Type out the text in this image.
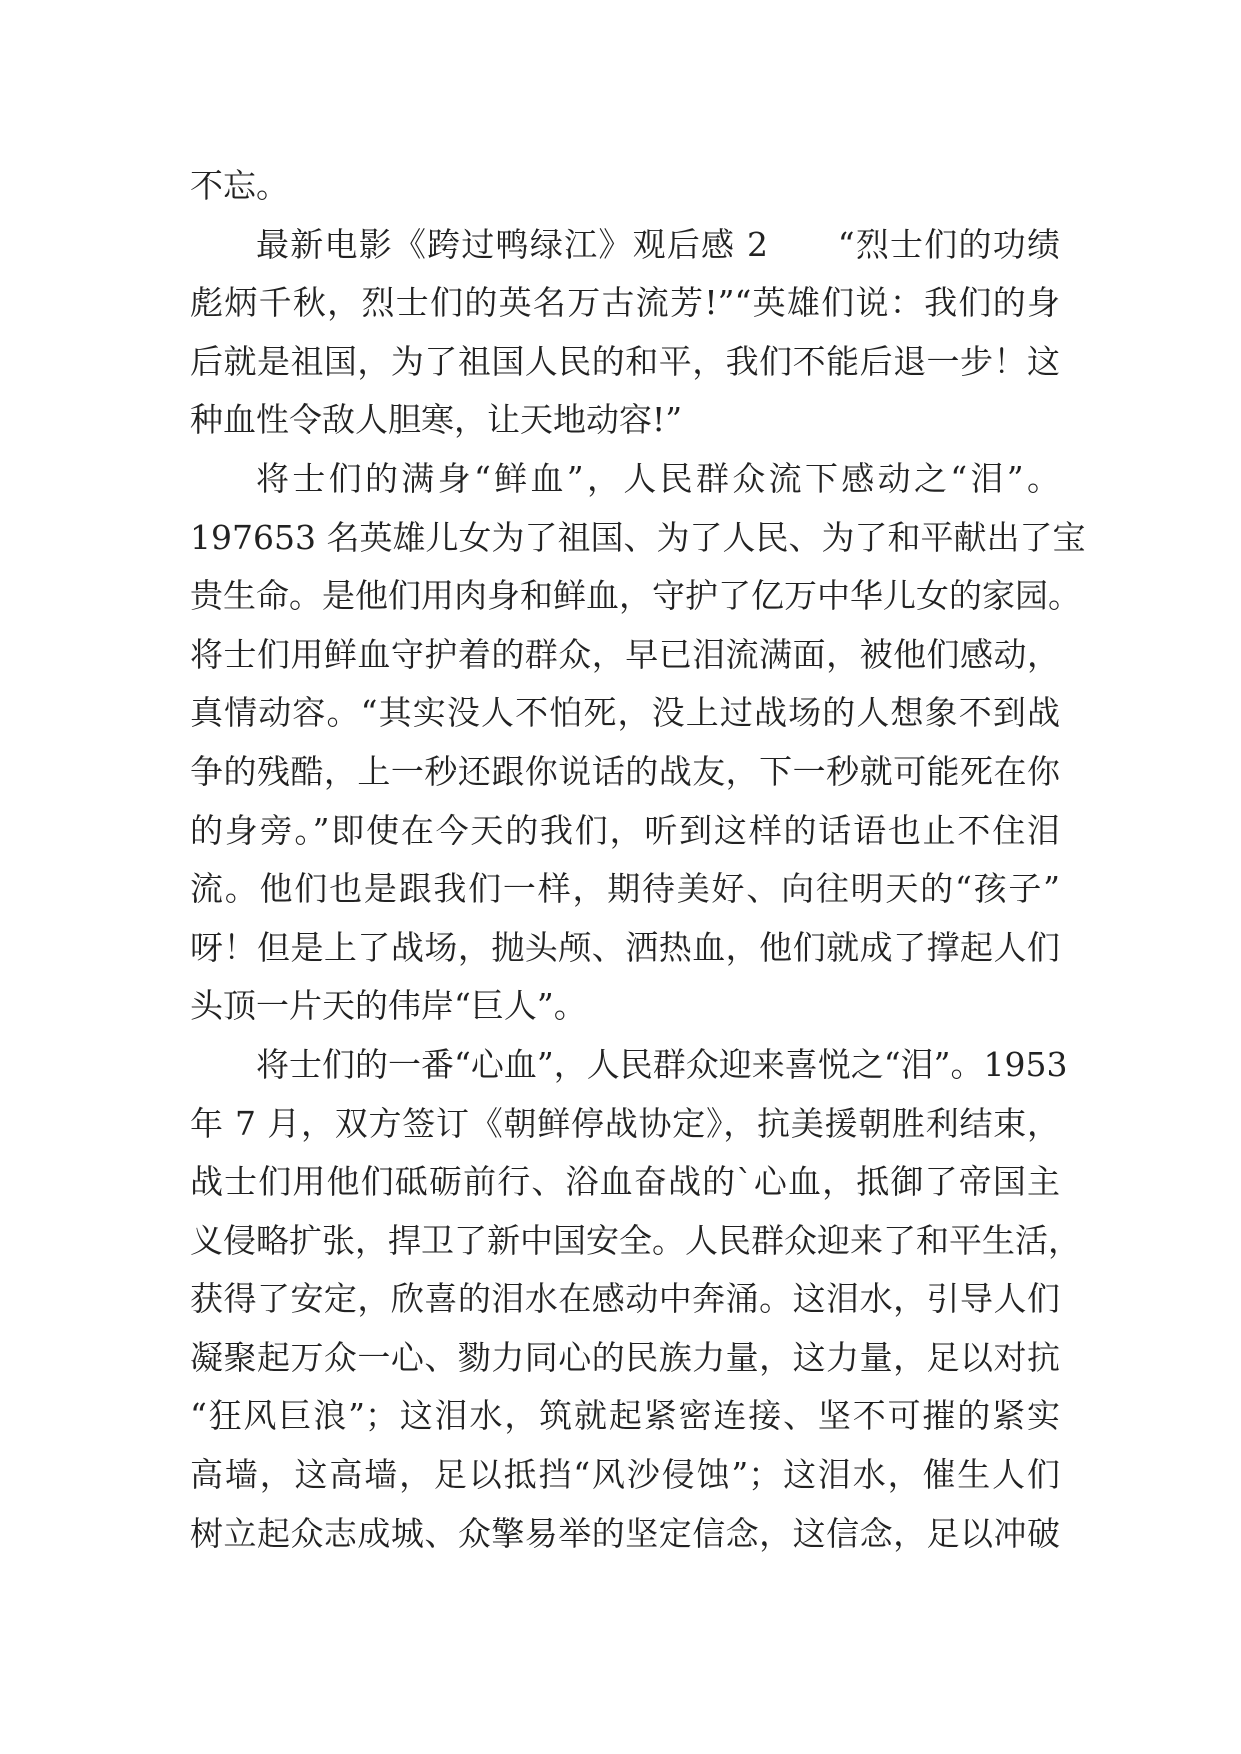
不忘。
最新电影《跨过鸭绿江》观后感 2　　“烈士们的功绩
彪炳千秋，烈士们的英名万古流芳!”“英雄们说：我们的身
后就是祖国，为了祖国人民的和平，我们不能后退一步！这
种血性令敌人胆寒，让天地动容!”
将士们的满身“鲜血”，人民群众流下感动之“泪”。
197653 名英雄儿女为了祖国、为了人民、为了和平献出了宝
贵生命。是他们用肉身和鲜血，守护了亿万中华儿女的家园。
将士们用鲜血守护着的群众，早已泪流满面，被他们感动，
真情动容。“其实没人不怕死，没上过战场的人想象不到战
争的残酷，上一秒还跟你说话的战友，下一秒就可能死在你
的身旁。”即使在今天的我们，听到这样的话语也止不住泪
流。他们也是跟我们一样，期待美好、向往明天的“孩子”
呀！但是上了战场，抛头颅、洒热血，他们就成了撑起人们
头顶一片天的伟岸“巨人”。
将士们的一番“心血”，人民群众迎来喜悦之“泪”。1953
年 7 月，双方签订《朝鲜停战协定》，抗美援朝胜利结束，
战士们用他们砥砺前行、浴血奋战的`心血，抵御了帝国主
义侵略扩张，捍卫了新中国安全。人民群众迎来了和平生活，
获得了安定，欣喜的泪水在感动中奔涌。这泪水，引导人们
凝聚起万众一心、勠力同心的民族力量，这力量，足以对抗
“狂风巨浪”；这泪水，筑就起紧密连接、坚不可摧的紧实
高墙，这高墙，足以抵挡“风沙侵蚀”；这泪水，催生人们
树立起众志成城、众擎易举的坚定信念，这信念，足以冲破
